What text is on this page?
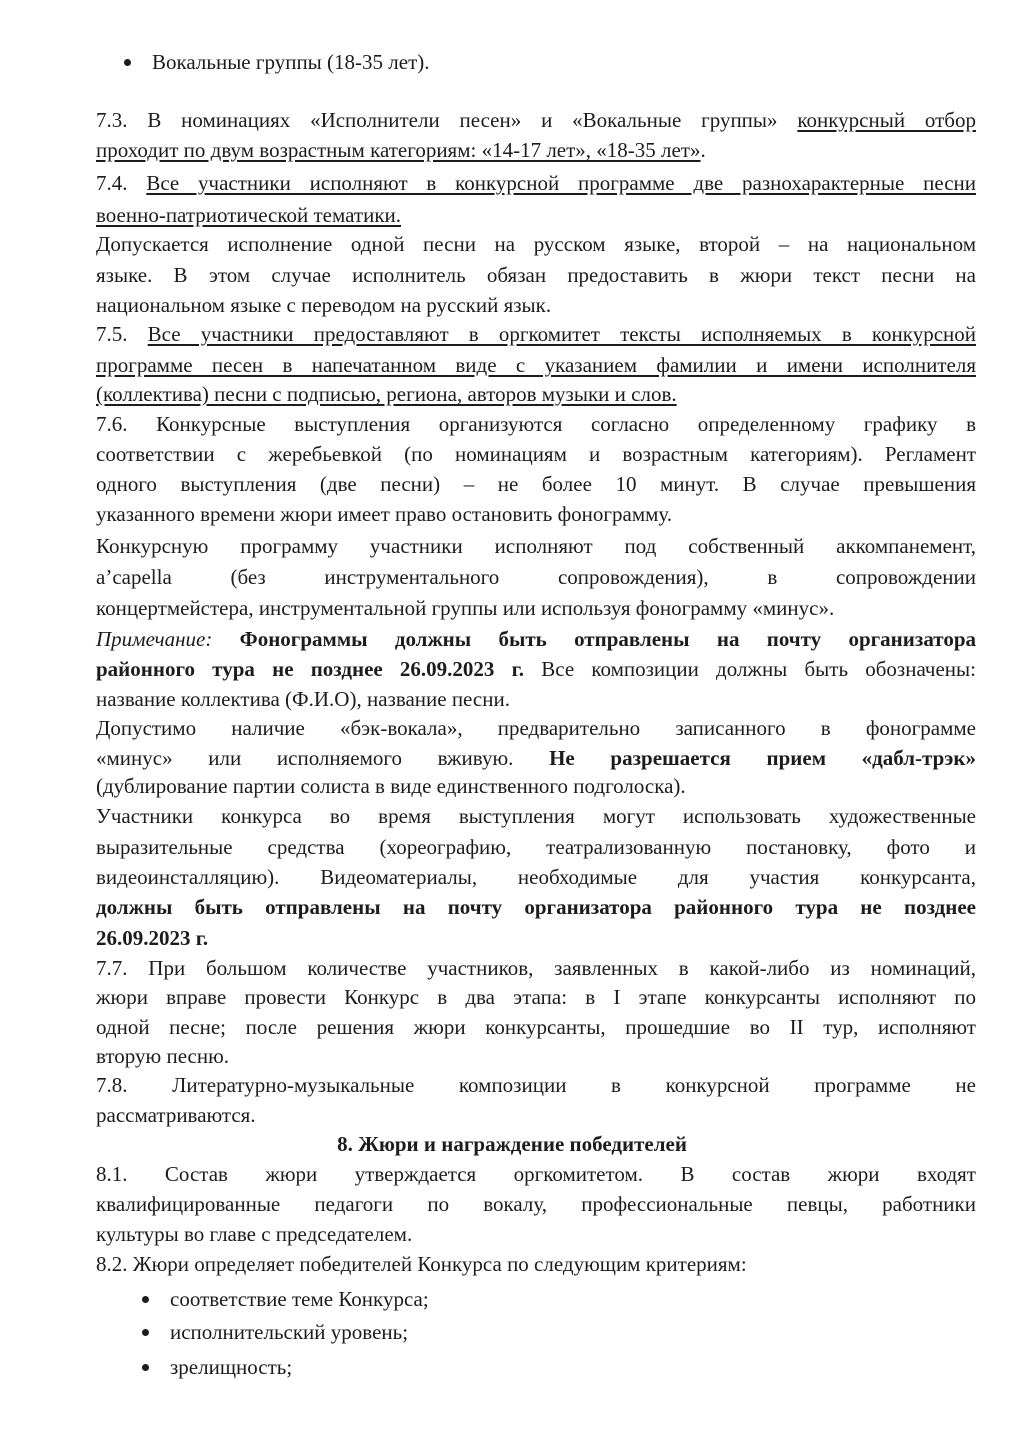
Вокальные группы (18-35 лет).
7.3. В номинациях «Исполнители песен» и «Вокальные группы» конкурсный отбор
проходит по двум возрастным категориям: «14-17 лет», «18-35 лет».
7.4. Все участники исполняют в конкурсной программе две разнохарактерные песни
военно-патриотической тематики.
Допускается исполнение одной песни на русском языке, второй – на национальном
языке. В этом случае исполнитель обязан предоставить в жюри текст песни на
национальном языке с переводом на русский язык.
7.5. Все участники предоставляют в оргкомитет тексты исполняемых в конкурсной
программе песен в напечатанном виде с указанием фамилии и имени исполнителя
(коллектива) песни с подписью, региона, авторов музыки и слов.
7.6. Конкурсные выступления организуются согласно определенному графику в
соответствии с жеребьевкой (по номинациям и возрастным категориям). Регламент
одного выступления (две песни) – не более 10 минут. В случае превышения
указанного времени жюри имеет право остановить фонограмму.
Конкурсную программу участники исполняют под собственный аккомпанемент,
a’capella (без инструментального сопровождения), в сопровождении
концертмейстера, инструментальной группы или используя фонограмму «минус».
Примечание: Фонограммы должны быть отправлены на почту организатора
районного тура не позднее 26.09.2023 г. Все композиции должны быть обозначены:
название коллектива (Ф.И.О), название песни.
Допустимо наличие «бэк-вокала», предварительно записанного в фонограмме
«минус» или исполняемого вживую. Не разрешается прием «дабл-трэк»
(дублирование партии солиста в виде единственного подголоска).
Участники конкурса во время выступления могут использовать художественные
выразительные средства (хореографию, театрализованную постановку, фото и
видеоинсталляцию). Видеоматериалы, необходимые для участия конкурсанта,
должны быть отправлены на почту организатора районного тура не позднее
26.09.2023 г.
7.7. При большом количестве участников, заявленных в какой-либо из номинаций,
жюри вправе провести Конкурс в два этапа: в I этапе конкурсанты исполняют по
одной песне; после решения жюри конкурсанты, прошедшие во II тур, исполняют
вторую песню.
7.8. Литературно-музыкальные композиции в конкурсной программе не
рассматриваются.
8. Жюри и награждение победителей
8.1. Состав жюри утверждается оргкомитетом. В состав жюри входят
квалифицированные педагоги по вокалу, профессиональные певцы, работники
культуры во главе с председателем.
8.2. Жюри определяет победителей Конкурса по следующим критериям:
соответствие теме Конкурса;
исполнительский уровень;
зрелищность;
